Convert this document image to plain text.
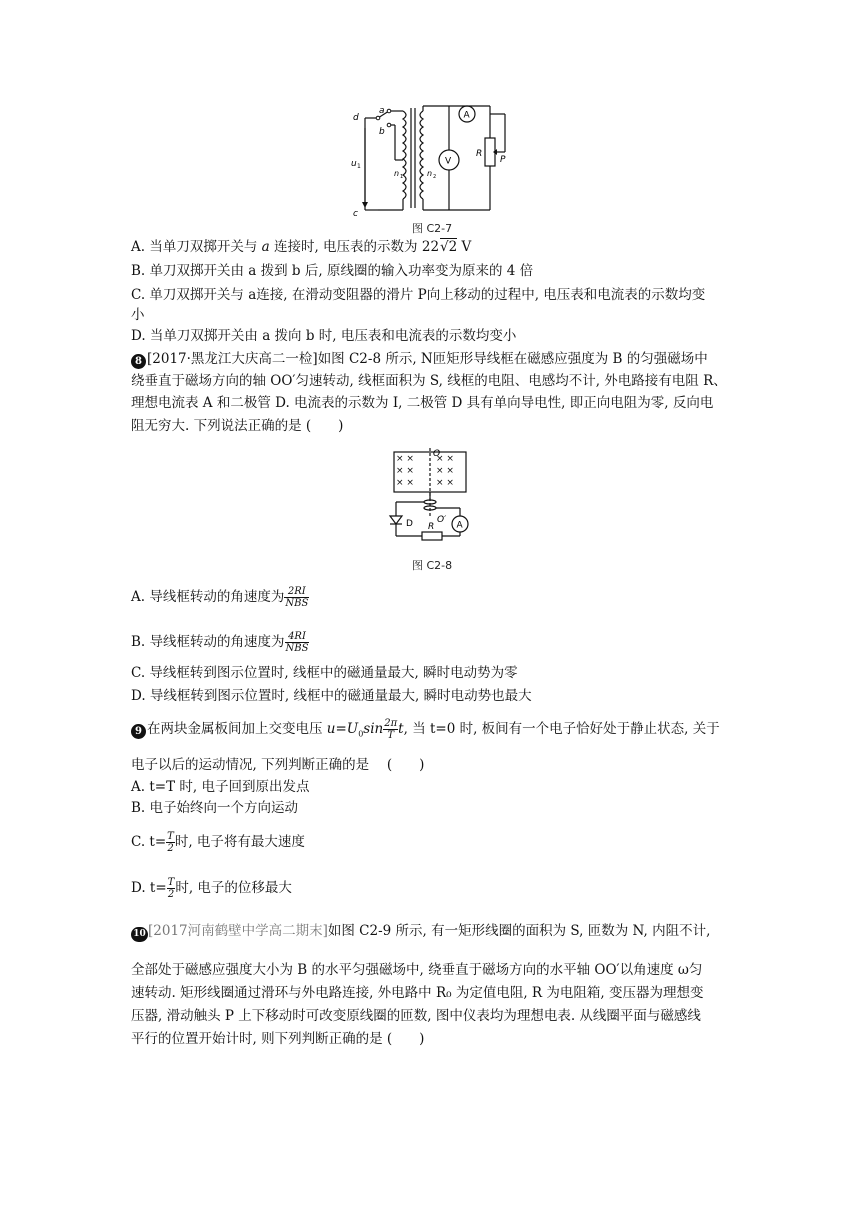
a
b
d
c
u 1
n 1	n 2
A
V
R
P
图 C2-7
A. 当单刀双掷开关与 a 连接时, 电压表的示数为 22√2 V
B. 单刀双掷开关由 a 拨到 b 后, 原线圈的输入功率变为原来的 4 倍
C. 单刀双掷开关与 a连接, 在滑动变阻器的滑片 P向上移动的过程中, 电压表和电流表的示数均变
小
D. 当单刀双掷开关由 a 拨向 b 时, 电压表和电流表的示数均变小
8 [2017·黑龙江大庆高二一检]如图 C2-8 所示, N匝矩形导线框在磁感应强度为 B 的匀强磁场中
绕垂直于磁场方向的轴 OO′匀速转动, 线框面积为 S, 线框的电阻、电感均不计, 外电路接有电阻 R、
理想电流表 A 和二极管 D. 电流表的示数为 I, 二极管 D 具有单向导电性, 即正向电阻为零, 反向电
阻无穷大. 下列说法正确的是 (　　)
× × × ×
× × × ×
× × × ×
O
O′
D R A
图 C2-8
A. 导线框转动的角速度为 $\frac{2RI}{\text{NBS}}$
B. 导线框转动的角速度为 $\frac{4RI}{\text{NBS}}$
C. 导线框转到图示位置时, 线框中的磁通量最大, 瞬时电动势为零
D. 导线框转到图示位置时, 线框中的磁通量最大, 瞬时电动势也最大
9 在两块金属板间加上交变电压 $u=U_0\sin \frac{2\pi}{T} t$, 当 t=0 时, 板间有一个电子恰好处于静止状态, 关于
电子以后的运动情况, 下列判断正确的是　 (　　)
A. t=T 时, 电子回到原出发点
B. 电子始终向一个方向运动
C. $t= \frac{T}{2}$ 时, 电子将有最大速度
D. $t= \frac{T}{2}$ 时, 电子的位移最大
10 [2017河南鹤壁中学高二期末]如图 C2-9 所示, 有一矩形线圈的面积为 S, 匝数为 N, 内阻不计,
全部处于磁感应强度大小为 B 的水平匀强磁场中, 绕垂直于磁场方向的水平轴 OO′以角速度 ω匀
速转动. 矩形线圈通过滑环与外电路连接, 外电路中 R₀ 为定值电阻, R 为电阻箱, 变压器为理想变
压器, 滑动触头 P 上下移动时可改变原线圈的匝数, 图中仪表均为理想电表. 从线圈平面与磁感线
平行的位置开始计时, 则下列判断正确的是 (　　)
